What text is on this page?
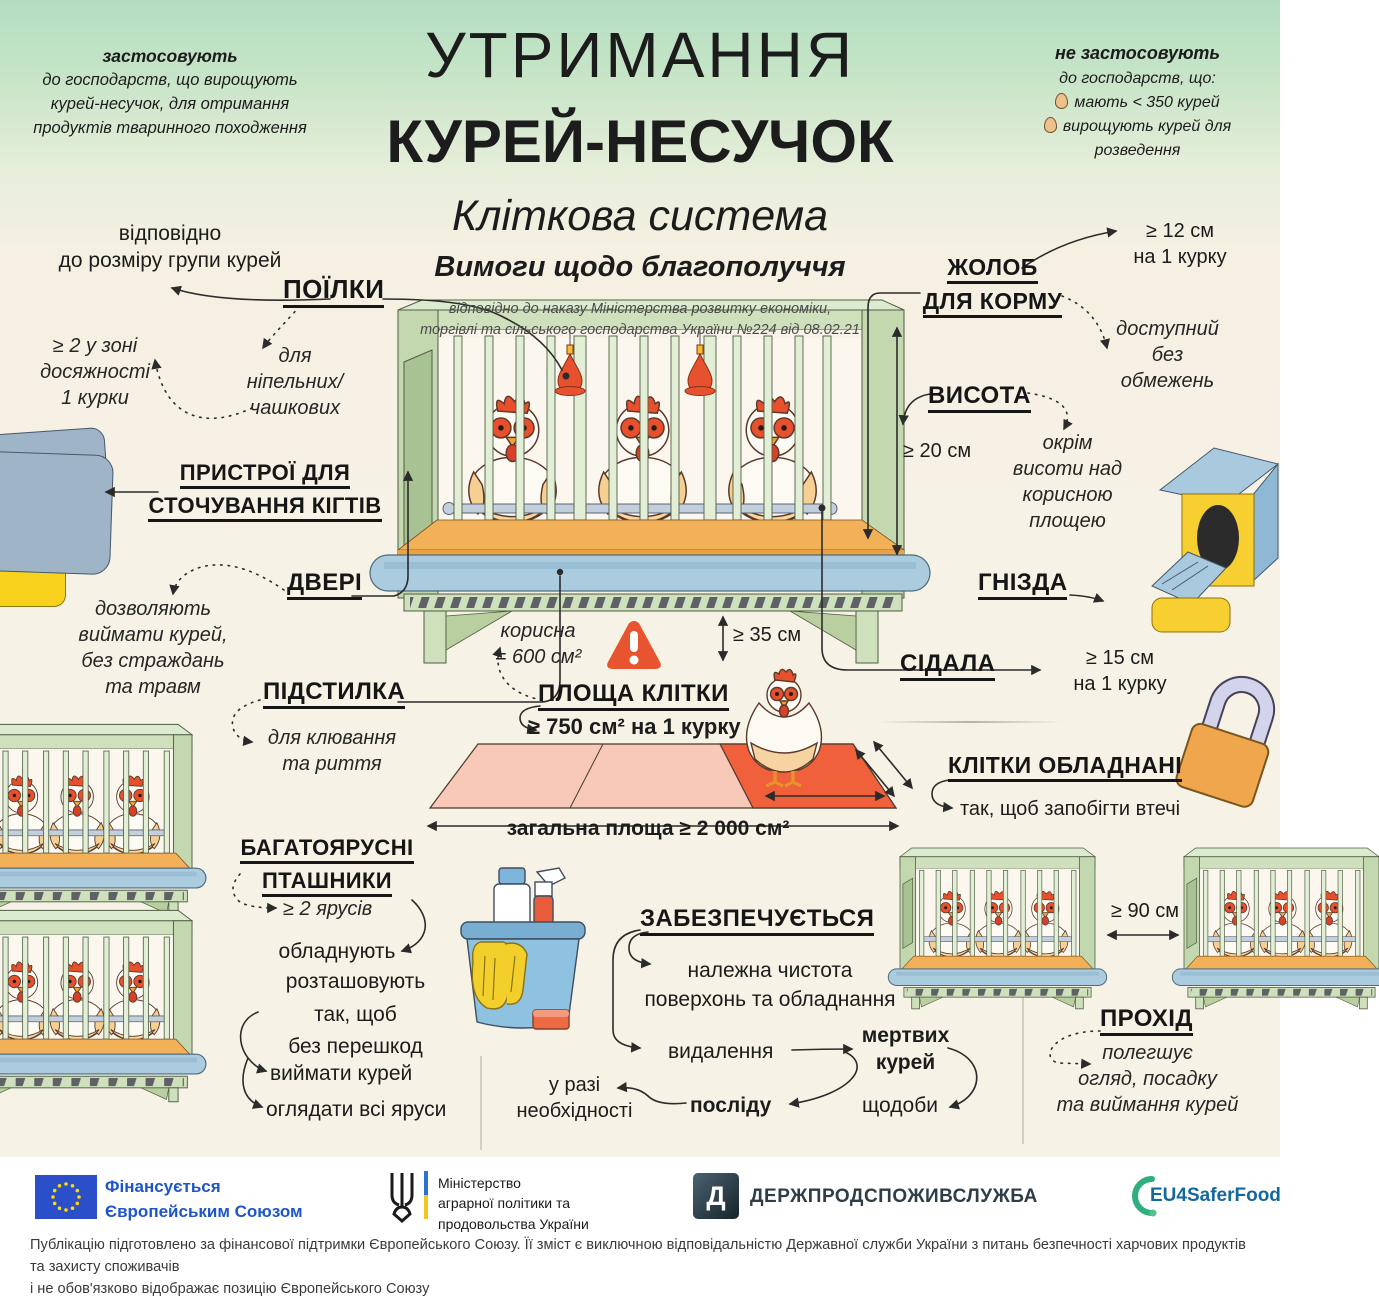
застосовують
до господарств, що вирощують
курей-несучок, для отримання
продуктів тваринного походження
УТРИМАННЯ
КУРЕЙ-НЕСУЧОК
Кліткова система
Вимоги щодо благополуччя
відповідно до наказу Міністерства розвитку економіки,
торгівлі та сільського господарства України №224 від 08.02.21
не застосовують
до господарств, що:
мають < 350 курей
вирощують курей для розведення
відповідно
до розміру групи курей
ПОЇЛКИ
≥ 2 у зоні
досяжності
1 курки
для
ніпельних/
чашкових
ПРИСТРОЇ ДЛЯ
СТОЧУВАННЯ КІГТІВ
ДВЕРІ
дозволяють
виймати курей,
без страждань
та травм	ПІДСТИЛКА
для клювання
та риття
ЖОЛОБ
ДЛЯ КОРМУ
≥ 12 см
на 1 курку
доступний
без
обмежень
ВИСОТА
≥ 20 см	окрім
висоти над
корисною
площею
ГНІЗДА
≥ 35 см
СІДАЛА	≥ 15 см
на 1 курку
КЛІТКИ ОБЛАДНАНІ
так, щоб запобігти втечі
корисна
= 600 см²
ПЛОЩА КЛІТКИ
≥ 750 см² на 1 курку
загальна площа ≥ 2 000 см²
БАГАТОЯРУСНІ
ПТАШНИКИ
≥ 2 ярусів
обладнують
розташовують
так, щоб
без перешкод
виймати курей
оглядати всі яруси
ЗАБЕЗПЕЧУЄТЬСЯ
належна чистота
поверхонь та обладнання
видалення
мертвих
курей
у разі
необхідності	посліду	щодоби
≥ 90 см
ПРОХІД
полегшує
огляд, посадку
та виймання курей
Фінансується
Європейським Союзом
Міністерство
аграрної політики та
продовольства України
Д ДЕРЖПРОДСПОЖИВСЛУЖБА	EU4SaferFood
Публікацію підготовлено за фінансової підтримки Європейського Союзу. Її зміст є виключною відповідальністю Державної служби України з питань безпечності харчових продуктів та захисту споживачів
і не обов'язково відображає позицію Європейського Союзу
